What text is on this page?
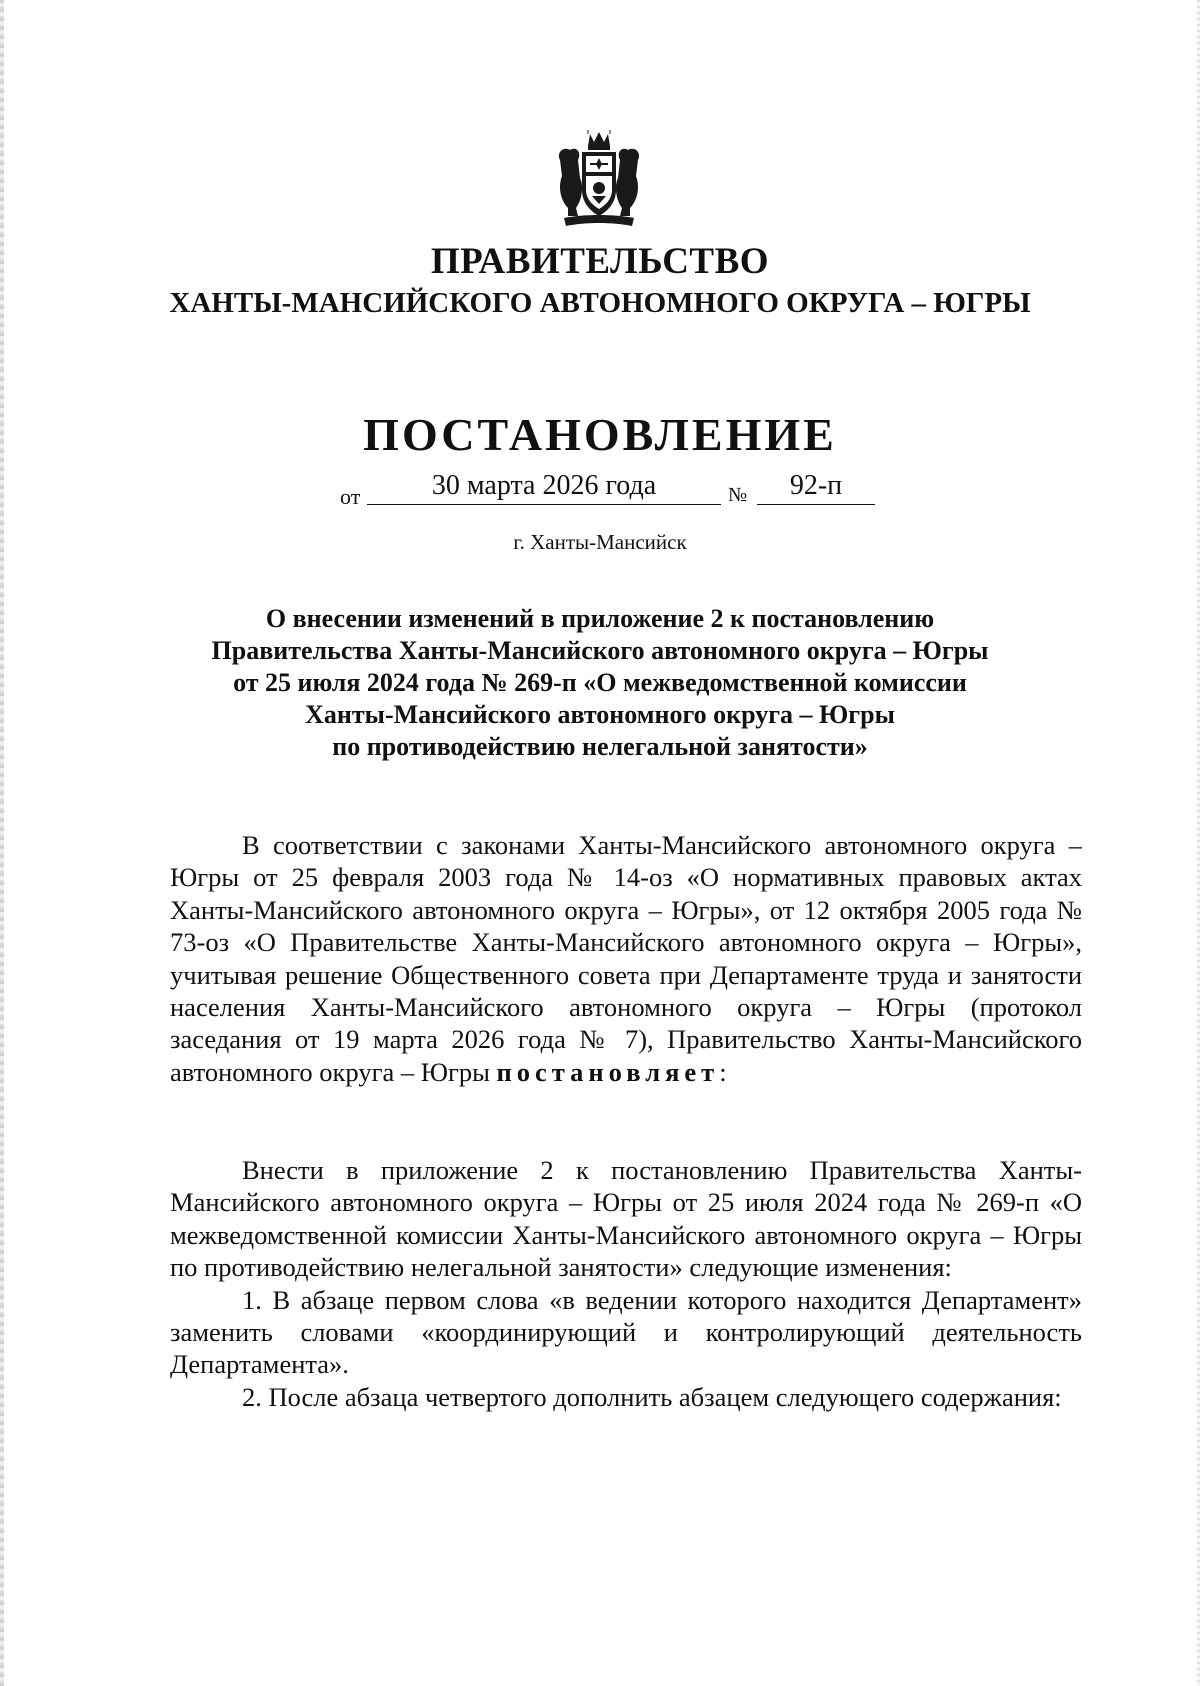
ПРАВИТЕЛЬСТВО
ХАНТЫ-МАНСИЙСКОГО АВТОНОМНОГО ОКРУГА – ЮГРЫ
ПОСТАНОВЛЕНИЕ
от	30 марта 2026 года	№	92-п
г. Ханты-Мансийск
О внесении изменений в приложение 2 к постановлению
Правительства Ханты-Мансийского автономного округа – Югры
от 25 июля 2024 года № 269-п «О межведомственной комиссии
Ханты-Мансийского автономного округа – Югры
по противодействию нелегальной занятости»

В соответствии с законами Ханты-Мансийского автономного округа – Югры от 25 февраля 2003 года № 14-оз «О нормативных правовых актах Ханты-Мансийского автономного округа – Югры», от 12 октября 2005 года № 73-оз «О Правительстве Ханты-Мансийского автономного округа – Югры», учитывая решение Общественного совета при Департаменте труда и занятости населения Ханты-Мансийского автономного округа – Югры (протокол заседания от 19 марта 2026 года № 7), Правительство Ханты-Мансийского автономного округа – Югры постановляет:

Внести в приложение 2 к постановлению Правительства Ханты-Мансийского автономного округа – Югры от 25 июля 2024 года № 269-п «О межведомственной комиссии Ханты-Мансийского автономного округа – Югры по противодействию нелегальной занятости» следующие изменения:

1. В абзаце первом слова «в ведении которого находится Департамент» заменить словами «координирующий и контролирующий деятельность Департамента».

2. После абзаца четвертого дополнить абзацем следующего содержания:
